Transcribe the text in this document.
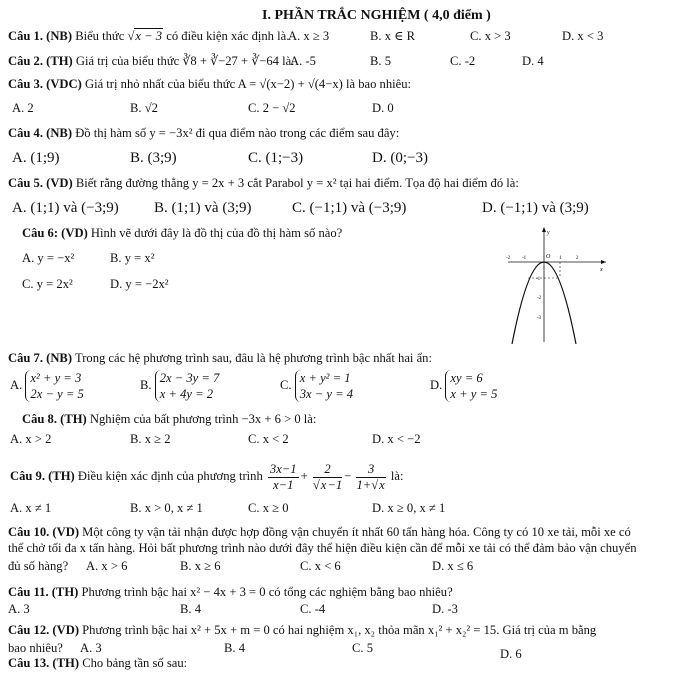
I. PHẦN TRẮC NGHIỆM ( 4,0 điểm )
Câu 1. (NB) Biểu thức √x − 3 có điều kiện xác định là.
A. x ≥ 3	B. x ∈ R	C. x > 3	D. x < 3
Câu 2. (TH) Giá trị của biểu thức ∛8 + ∛−27 + ∛−64 là.
A. -5	B. 5	C. -2	D. 4
Câu 3. (VDC) Giá trị nhỏ nhất của biểu thức A = √(x−2) + √(4−x) là bao nhiêu:
A. 2	B. √2	C. 2 − √2	D. 0
Câu 4. (NB) Đồ thị hàm số y = −3x² đi qua điểm nào trong các điểm sau đây:
A. (1;9)	B. (3;9)	C. (1;−3)	D. (0;−3)
Câu 5. (VD) Biết rằng đường thẳng y = 2x + 3 cắt Parabol y = x² tại hai điểm. Tọa độ hai điểm đó là:
A. (1;1) và (−3;9) B. (1;1) và (3;9)	C. (−1;1) và (−3;9)	D. (−1;1) và (3;9)
Câu 6: (VD) Hình vẽ dưới đây là đồ thị của đồ thị hàm số nào?
A. y = −x²	B. y = x²
C. y = 2x²	D. y = −2x²
y
x
O
-2 -1	1	2
-1
-2
-3
Câu 7. (NB) Trong các hệ phương trình sau, đâu là hệ phương trình bậc nhất hai ẩn:
A. x² + y = 3
2x − y = 5
B. 2x − 3y = 7
x + 4y = 2
C. x + y² = 1
3x − y = 4
D. xy = 6
x + y = 5
Câu 8. (TH) Nghiệm của bất phương trình −3x + 6 > 0 là:
A. x > 2	B. x ≥ 2	C. x < 2	D. x < −2
Câu 9. (TH) Điều kiện xác định của phương trình $\frac{3x-1}{x-1} + \frac{2}{√x-1} - \frac{3}{1+√x}$ là:
A. x ≠ 1	B. x > 0, x ≠ 1	C. x ≥ 0	D. x ≥ 0, x ≠ 1
Câu 10. (VD) Một công ty vận tải nhận được hợp đồng vận chuyển ít nhất 60 tấn hàng hóa. Công ty có 10 xe tải, mỗi xe có
thể chở tối đa x tấn hàng. Hỏi bất phương trình nào dưới đây thể hiện điều kiện cần để mỗi xe tải có thể đảm bảo vận chuyển
đủ số hàng? A. x > 6	B. x ≥ 6	C. x < 6	D. x ≤ 6
Câu 11. (TH) Phương trình bậc hai x² − 4x + 3 = 0 có tổng các nghiệm bằng bao nhiêu?
A. 3	B. 4	C. -4	D. -3
Câu 12. (VD) Phương trình bậc hai x² + 5x + m = 0 có hai nghiệm x₁, x₂ thỏa mãn x₁² + x₂² = 15. Giá trị của m bằng
bao nhiêu? A. 3	B. 4	C. 5	D. 6
Câu 13. (TH) Cho bảng tần số sau:
